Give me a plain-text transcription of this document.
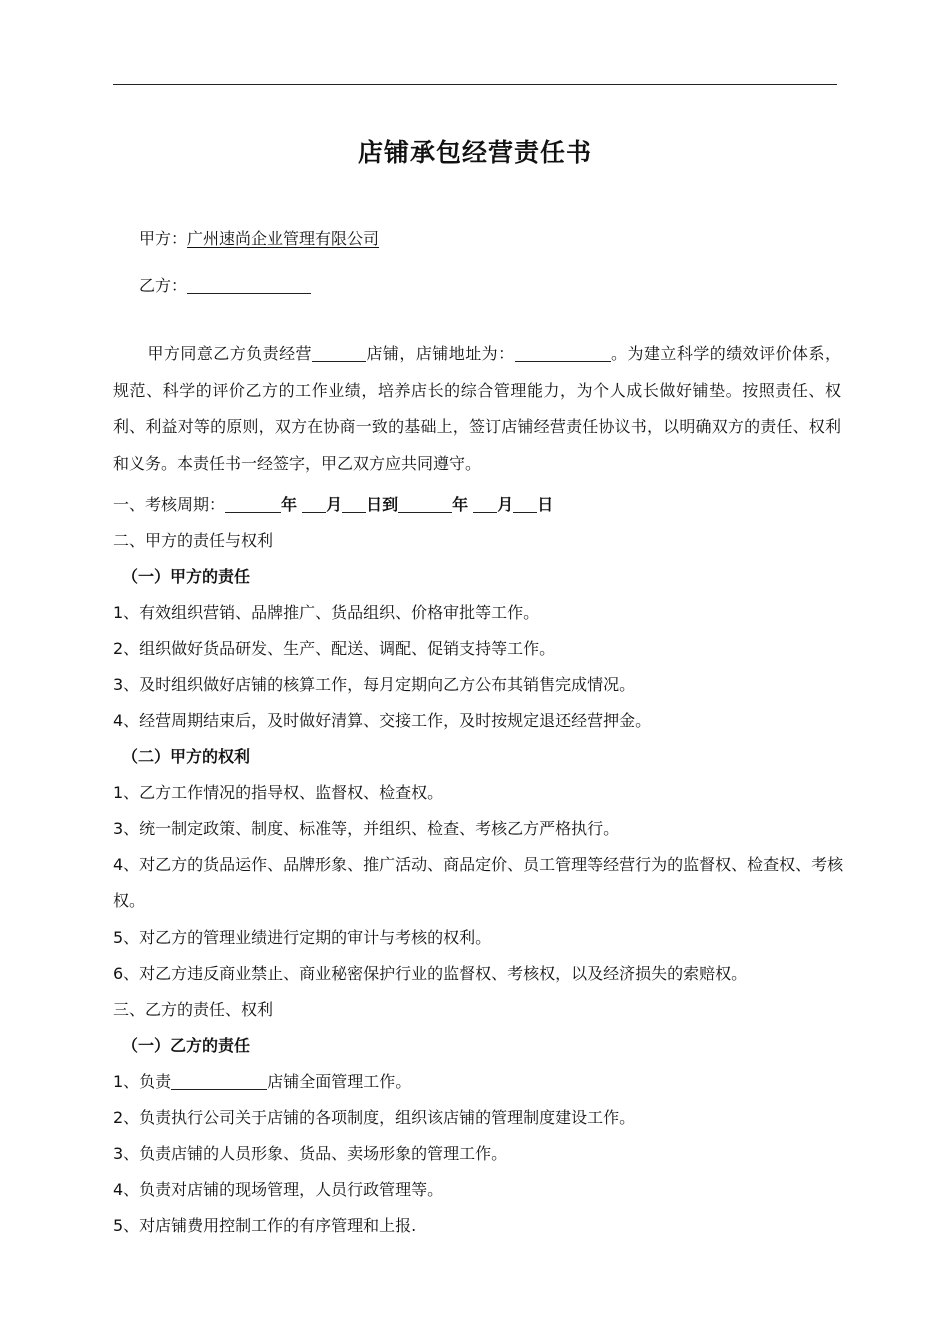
店铺承包经营责任书
甲方：广州速尚企业管理有限公司
乙方：
甲方同意乙方负责经营	店铺，店铺地址为：	。为建立科学的绩效评价体系，规范、科学的评价乙方的工作业绩，培养店长的综合管理能力，为个人成长做好铺垫。按照责任、权利、利益对等的原则，双方在协商一致的基础上，签订店铺经营责任协议书，以明确双方的责任、权利和义务。本责任书一经签字，甲乙双方应共同遵守。
一、考核周期：	年 月 日到	年 月 日
二、甲方的责任与权利
（一）甲方的责任
1、有效组织营销、品牌推广、货品组织、价格审批等工作。
2、组织做好货品研发、生产、配送、调配、促销支持等工作。
3、及时组织做好店铺的核算工作，每月定期向乙方公布其销售完成情况。
4、经营周期结束后，及时做好清算、交接工作，及时按规定退还经营押金。
（二）甲方的权利
1、乙方工作情况的指导权、监督权、检查权。
3、统一制定政策、制度、标准等，并组织、检查、考核乙方严格执行。
4、对乙方的货品运作、品牌形象、推广活动、商品定价、员工管理等经营行为的监督权、检查权、考核
权。
5、对乙方的管理业绩进行定期的审计与考核的权利。
6、对乙方违反商业禁止、商业秘密保护行业的监督权、考核权，以及经济损失的索赔权。
三、乙方的责任、权利
（一）乙方的责任
1、负责	店铺全面管理工作。
2、负责执行公司关于店铺的各项制度，组织该店铺的管理制度建设工作。
3、负责店铺的人员形象、货品、卖场形象的管理工作。
4、负责对店铺的现场管理，人员行政管理等。
5、对店铺费用控制工作的有序管理和上报.
